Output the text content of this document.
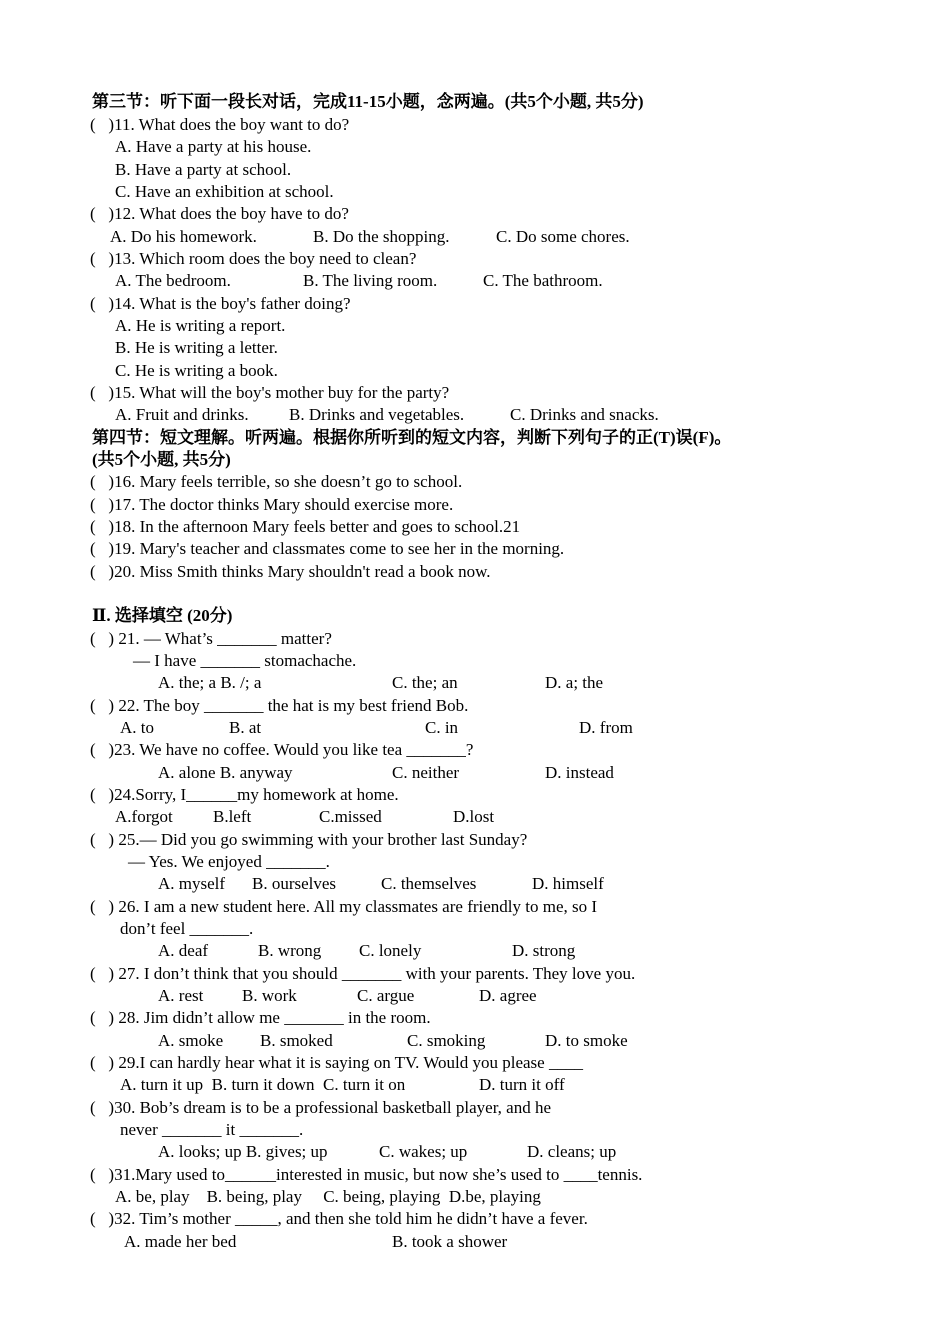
第三节：听下面一段长对话，完成11-15小题，念两遍。(共5个小题, 共5分)
(   )11. What does the boy want to do?
A. Have a party at his house.
B. Have a party at school.
C. Have an exhibition at school.
(   )12. What does the boy have to do?
A. Do his homework.	B. Do the shopping.	C. Do some chores.
(   )13. Which room does the boy need to clean?
A. The bedroom.	B. The living room.	C. The bathroom.
(   )14. What is the boy's father doing?
A. He is writing a report.
B. He is writing a letter.
C. He is writing a book.
(   )15. What will the boy's mother buy for the party?
A. Fruit and drinks. B. Drinks and vegetables.	C. Drinks and snacks.
第四节：短文理解。听两遍。根据你所听到的短文内容，判断下列句子的正(T)误(F)。
(共5个小题, 共5分)
(   )16. Mary feels terrible, so she doesn’t go to school.
(   )17. The doctor thinks Mary should exercise more.
(   )18. In the afternoon Mary feels better and goes to school.21
(   )19. Mary's teacher and classmates come to see her in the morning.
(   )20. Miss Smith thinks Mary shouldn't read a book now.
Ⅱ. 选择填空 (20分)
(   ) 21. — What’s _______ matter?
— I have _______ stomachache.
A. the; a B. /; a	C. the; an	D. a; the
(   ) 22. The boy _______ the hat is my best friend Bob.
A. to	B. at	C. in	D. from
(   )23. We have no coffee. Would you like tea _______?
A. alone B. anyway	C. neither	D. instead
(   )24.Sorry, I______my homework at home.
A.forgot B.left	C.missed	D.lost
(   ) 25.— Did you go swimming with your brother last Sunday?
— Yes. We enjoyed _______.
A. myself B. ourselves	C. themselves	D. himself
(   ) 26. I am a new student here. All my classmates are friendly to me, so I
don’t feel _______.
A. deaf	B. wrong C. lonely	D. strong
(   ) 27. I don’t think that you should _______ with your parents. They love you.
A. rest B. work	C. argue	D. agree
(   ) 28. Jim didn’t allow me _______ in the room.
A. smoke B. smoked	C. smoking	D. to smoke
(   ) 29.I can hardly hear what it is saying on TV. Would you please ____
A. turn it up  B. turn it down  C. turn it on	D. turn it off
(   )30. Bob’s dream is to be a professional basketball player, and he
never _______ it _______.
A. looks; up B. gives; up	C. wakes; up	D. cleans; up
(   )31.Mary used to______interested in music, but now she’s used to ____tennis.
A. be, play    B. being, play     C. being, playing  D.be, playing
(   )32. Tim’s mother _____, and then she told him he didn’t have a fever.
A. made her bed	B. took a shower
